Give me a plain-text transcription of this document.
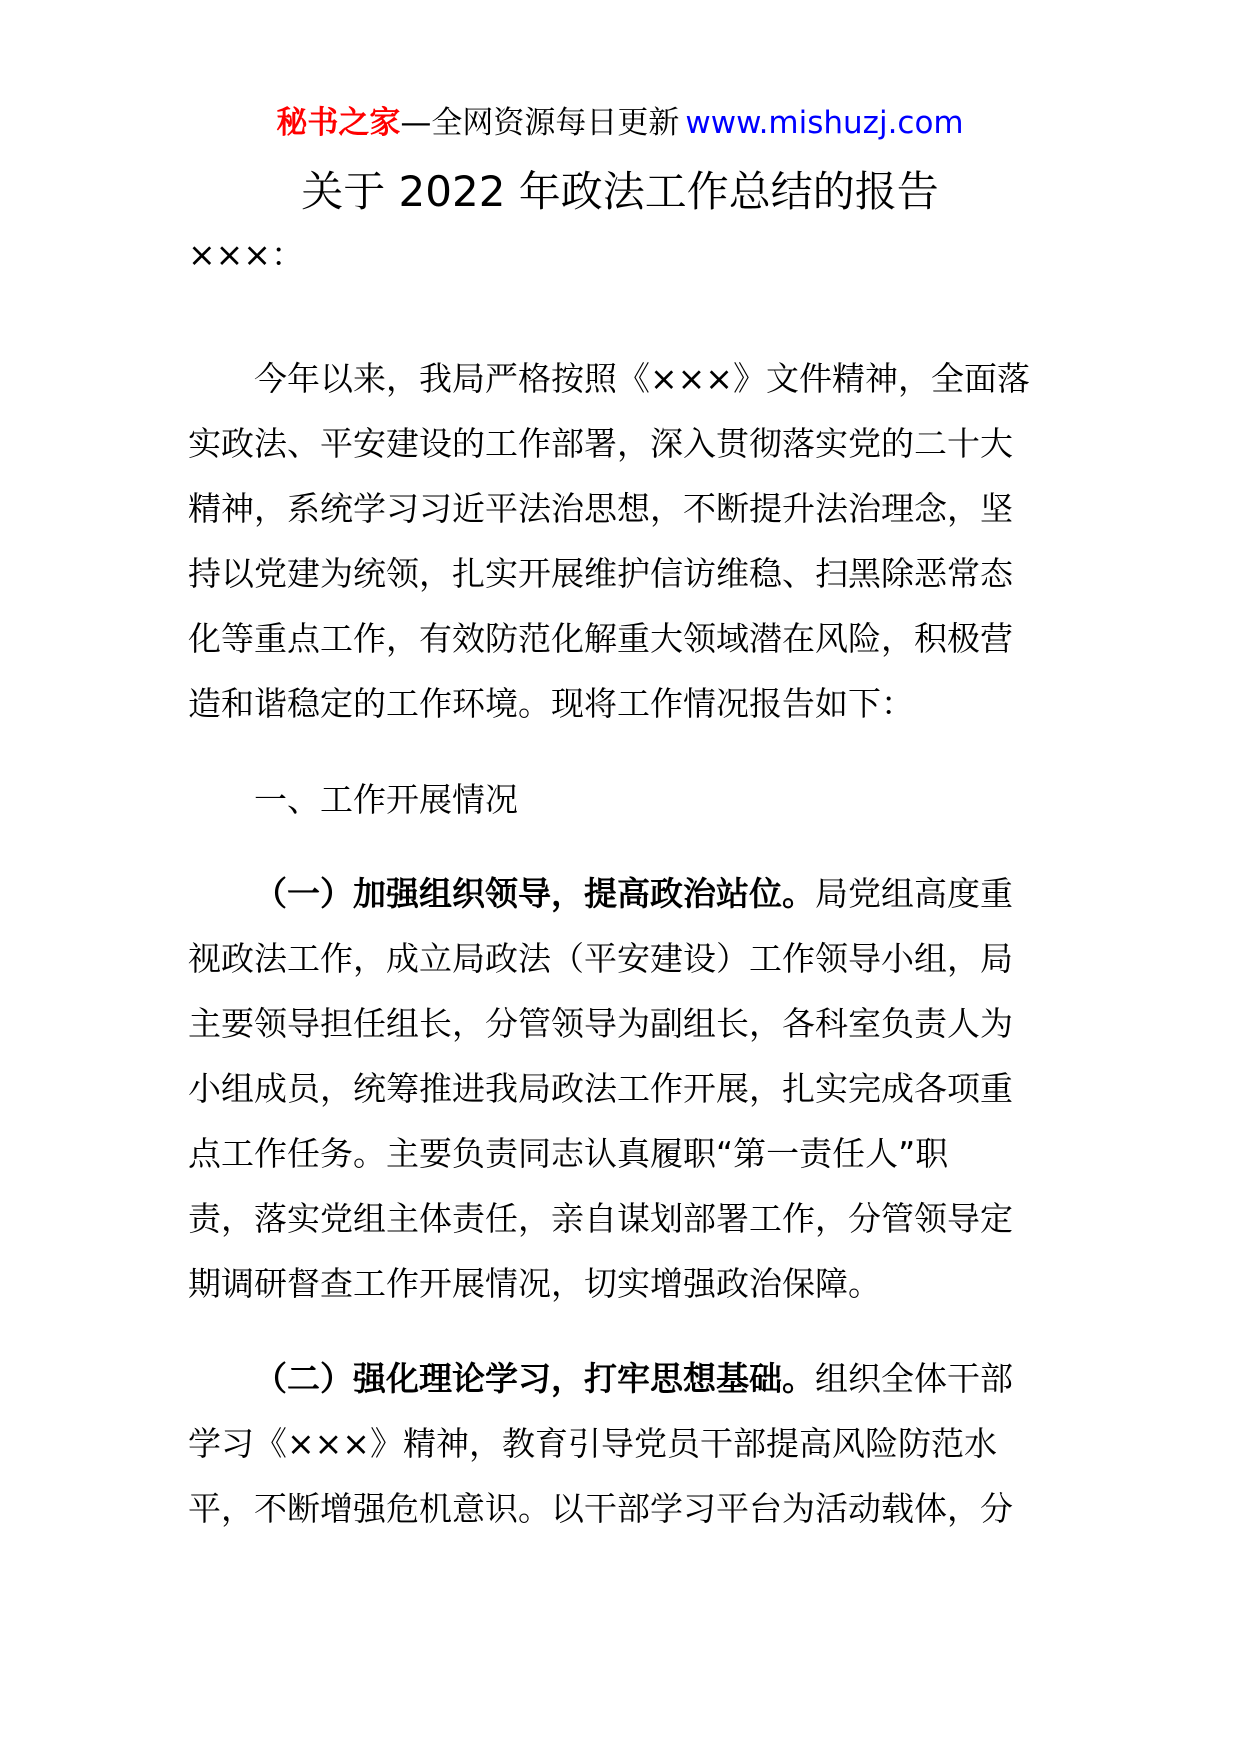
秘书之家—全网资源每日更新 www.mishuzj.com
关于 2022 年政法工作总结的报告

×××：

今年以来，我局严格按照《×××》文件精神，全面落
实政法、平安建设的工作部署，深入贯彻落实党的二十大
精神，系统学习习近平法治思想，不断提升法治理念，坚
持以党建为统领，扎实开展维护信访维稳、扫黑除恶常态
化等重点工作，有效防范化解重大领域潜在风险，积极营
造和谐稳定的工作环境。现将工作情况报告如下：
一、工作开展情况
（一）加强组织领导，提高政治站位。局党组高度重
视政法工作，成立局政法（平安建设）工作领导小组，局
主要领导担任组长，分管领导为副组长，各科室负责人为
小组成员，统筹推进我局政法工作开展，扎实完成各项重
点工作任务。主要负责同志认真履职“第一责任人”职
责，落实党组主体责任，亲自谋划部署工作，分管领导定
期调研督查工作开展情况，切实增强政治保障。
（二）强化理论学习，打牢思想基础。组织全体干部
学习《×××》精神，教育引导党员干部提高风险防范水
平，不断增强危机意识。以干部学习平台为活动载体，分
